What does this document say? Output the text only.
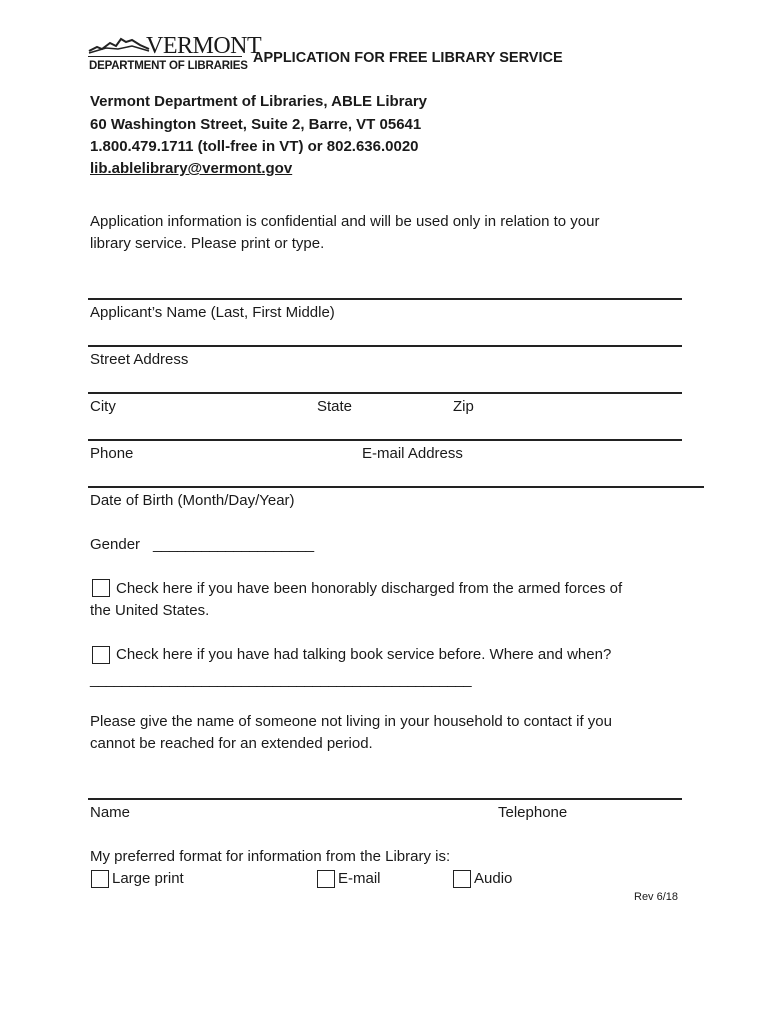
VERMONT
DEPARTMENT OF LIBRARIES APPLICATION FOR FREE LIBRARY SERVICE
Vermont Department of Libraries, ABLE Library
60 Washington Street, Suite 2, Barre, VT 05641
1.800.479.1711 (toll-free in VT) or 802.636.0020
lib.ablelibrary@vermont.gov
Application information is confidential and will be used only in relation to your
library service. Please print or type.
Applicant’s Name (Last, First Middle)
Street Address
City	State	Zip
Phone	E-mail Address
Date of Birth (Month/Day/Year)
Gender ____________________
Check here if you have been honorably discharged from the armed forces of
the United States.
Check here if you have had talking book service before. Where and when?
________________________________________________
Please give the name of someone not living in your household to contact if you
cannot be reached for an extended period.
Name	Telephone
My preferred format for information from the Library is:
Large print	E-mail	Audio
Rev 6/18
